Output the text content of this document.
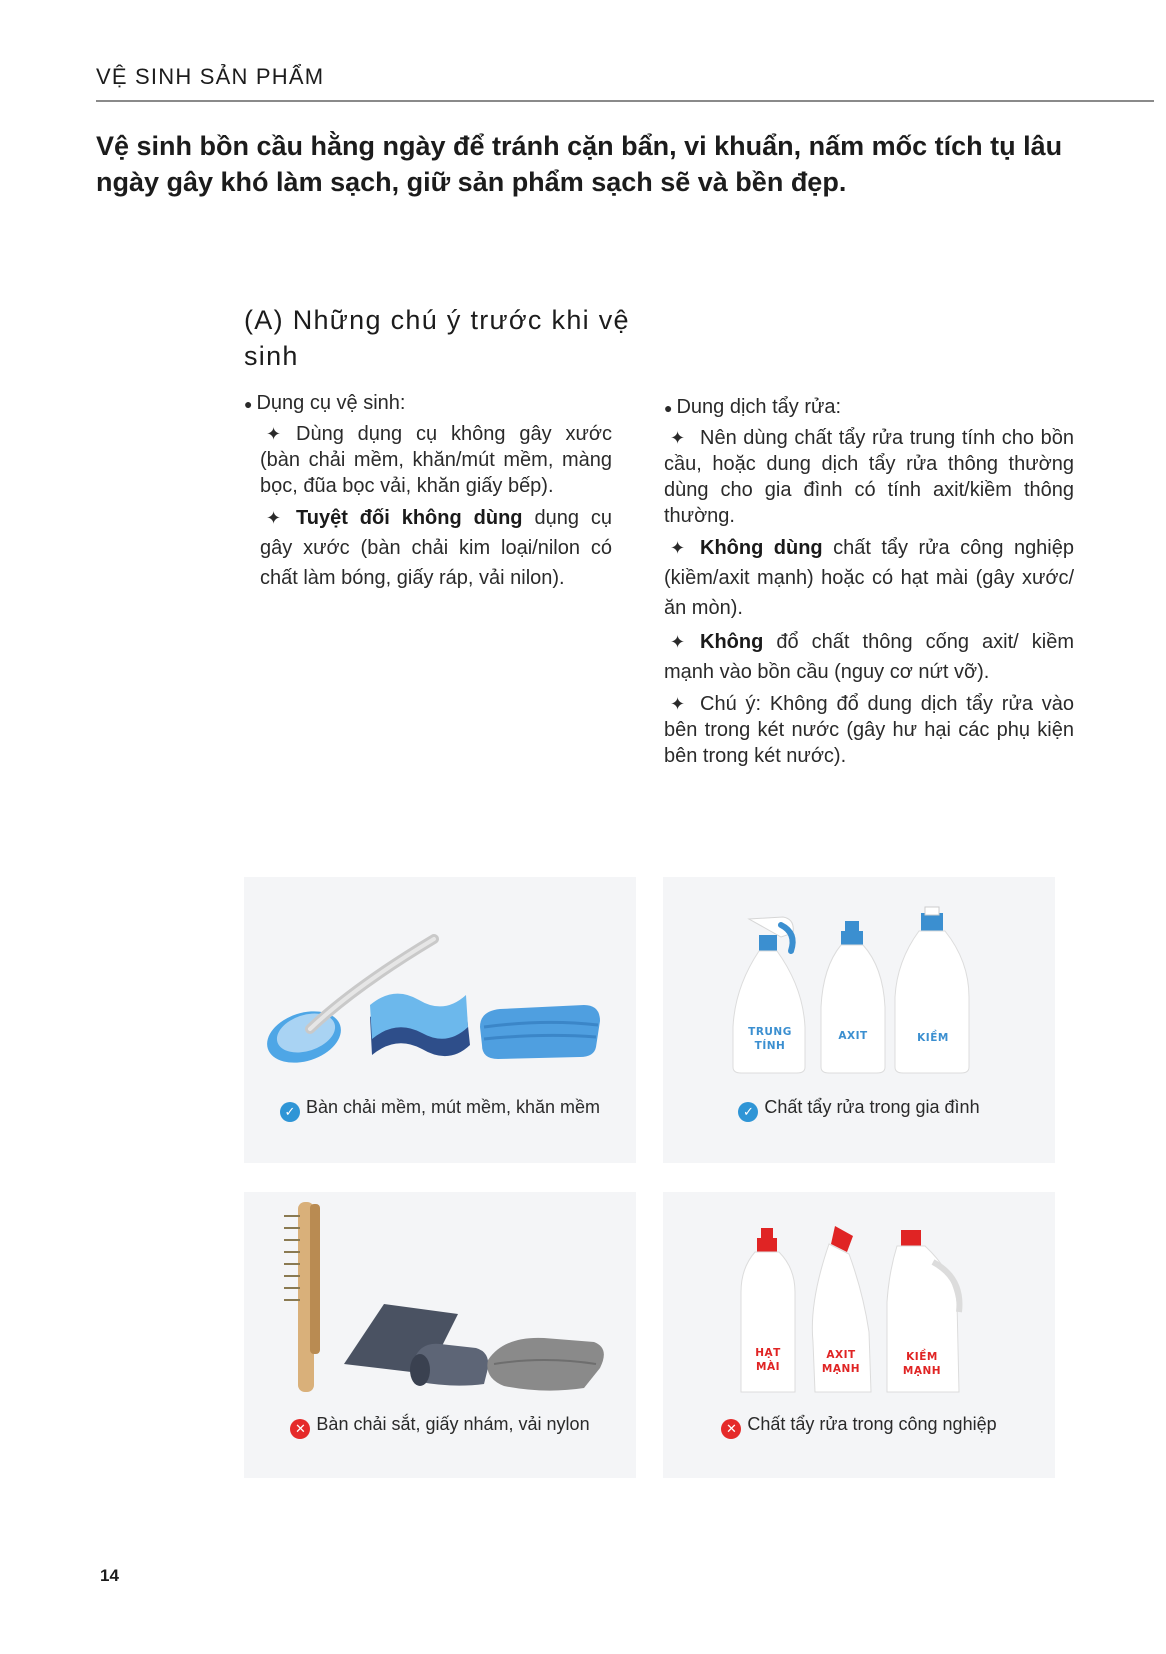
VỆ SINH SẢN PHẨM
Vệ sinh bồn cầu hằng ngày để tránh cặn bẩn, vi khuẩn, nấm mốc tích tụ lâu ngày gây khó làm sạch, giữ sản phẩm sạch sẽ và bền đẹp.
(A) Những chú ý trước khi vệ sinh
● Dụng cụ vệ sinh:
✦ Dùng dụng cụ không gây xước (bàn chải mềm, khăn/mút mềm, màng bọc, đũa bọc vải, khăn giấy bếp).
✦ Tuyệt đối không dùng dụng cụ gây xước (bàn chải kim loại/nilon có chất làm bóng, giấy ráp, vải nilon).
● Dung dịch tẩy rửa:
✦ Nên dùng chất tẩy rửa trung tính cho bồn cầu, hoặc dung dịch tẩy rửa thông thường dùng cho gia đình có tính axit/kiềm thông thường.
✦ Không dùng chất tẩy rửa công nghiệp (kiềm/axit mạnh) hoặc có hạt mài (gây xước/ăn mòn).
✦ Không đổ chất thông cống axit/ kiềm mạnh vào bồn cầu (nguy cơ nứt vỡ).
✦ Chú ý: Không đổ dung dịch tẩy rửa vào bên trong két nước (gây hư hại các phụ kiện bên trong két nước).
✓ Bàn chải mềm, mút mềm, khăn mềm
TRUNG
TÍNH
AXIT	KIỀM
✓ Chất tẩy rửa trong gia đình
✕ Bàn chải sắt, giấy nhám, vải nylon
HẠT
MÀI
AXIT
MẠNH
KIỀM
MẠNH
✕ Chất tẩy rửa trong công nghiệp
14
